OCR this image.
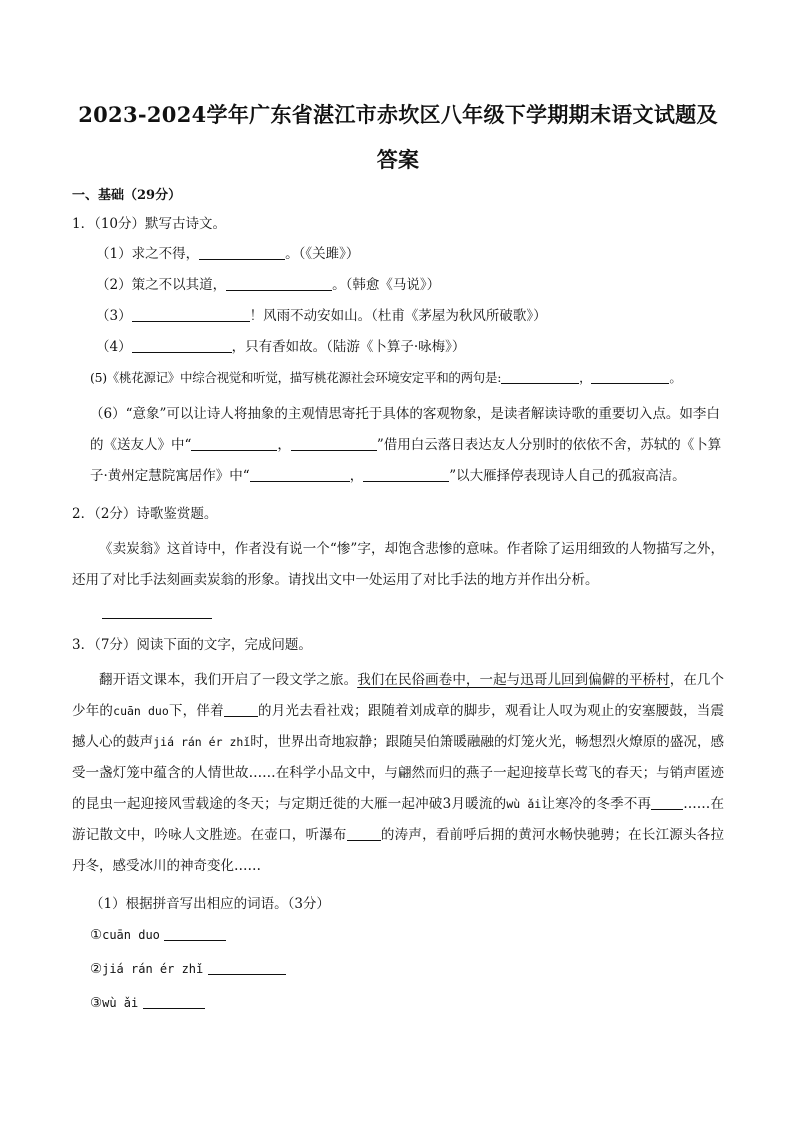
2023-2024学年广东省湛江市赤坎区八年级下学期期末语文试题及答案
一、基础（29分）
1．（10分）默写古诗文。
（1）求之不得，	。（《关雎》）
（2）策之不以其道，	。（韩愈《马说》）
（3）	！风雨不动安如山。（杜甫《茅屋为秋风所破歌》）
（4）	，只有香如故。（陆游《卜算子·咏梅》）
(5)《桃花源记》中综合视觉和听觉，描写桃花源社会环境安定平和的两句是:	，	。
（6）“意象”可以让诗人将抽象的主观情思寄托于具体的客观物象，是读者解读诗歌的重要切入点。如李白的《送友人》中“	，	”借用白云落日表达友人分别时的依依不舍，苏轼的《卜算子·黄州定慧院寓居作》中“	，	”以大雁择停表现诗人自己的孤寂高洁。
2．（2分）诗歌鉴赏题。
《卖炭翁》这首诗中，作者没有说一个“惨”字，却饱含悲惨的意味。作者除了运用细致的人物描写之外，还用了对比手法刻画卖炭翁的形象。请找出文中一处运用了对比手法的地方并作出分析。
3．（7分）阅读下面的文字，完成问题。
翻开语文课本，我们开启了一段文学之旅。我们在民俗画卷中，一起与迅哥儿回到偏僻的平桥村，在几个少年的cuān duo下，伴着	的月光去看社戏；跟随着刘成章的脚步，观看让人叹为观止的安塞腰鼓，当震撼人心的鼓声jiá rán ér zhǐ时，世界出奇地寂静；跟随吴伯箫暖融融的灯笼火光，畅想烈火燎原的盛况，感受一盏灯笼中蕴含的人情世故……在科学小品文中，与翩然而归的燕子一起迎接草长莺飞的春天；与销声匿迹的昆虫一起迎接风雪载途的冬天；与定期迁徙的大雁一起冲破3月暖流的wù ǎi让寒冷的冬季不再 ……在游记散文中，吟咏人文胜迹。在壶口，听瀑布	的涛声，看前呼后拥的黄河水畅快驰骋；在长江源头各拉丹冬，感受冰川的神奇变化……
（1）根据拼音写出相应的词语。（3分）
①cuān duo
②jiá rán ér zhǐ
③wù ǎi
